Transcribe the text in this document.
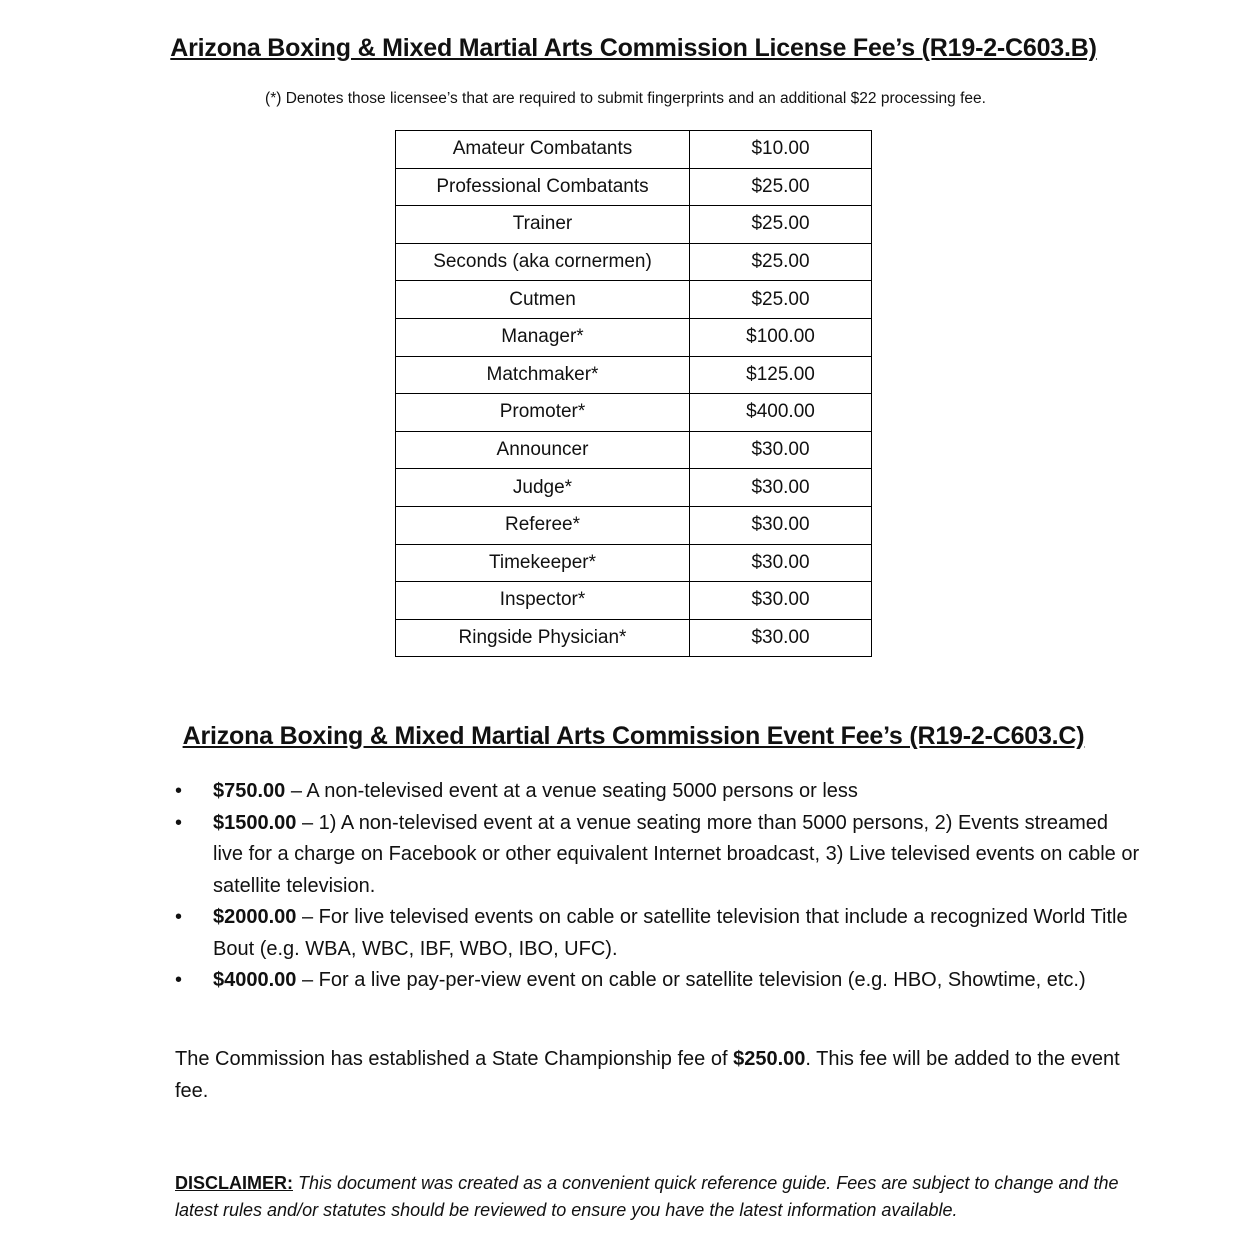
Arizona Boxing & Mixed Martial Arts Commission License Fee’s (R19-2-C603.B)
(*) Denotes those licensee’s that are required to submit fingerprints and an additional $22 processing fee.
Amateur Combatants	$10.00
Professional Combatants	$25.00
Trainer	$25.00
Seconds (aka cornermen)	$25.00
Cutmen	$25.00
Manager*	$100.00
Matchmaker*	$125.00
Promoter*	$400.00
Announcer	$30.00
Judge*	$30.00
Referee*	$30.00
Timekeeper*	$30.00
Inspector*	$30.00
Ringside Physician*	$30.00
Arizona Boxing & Mixed Martial Arts Commission Event Fee’s (R19-2-C603.C)
• $750.00 – A non-televised event at a venue seating 5000 persons or less
• $1500.00 – 1) A non-televised event at a venue seating more than 5000 persons, 2) Events streamed live for a charge on Facebook or other equivalent Internet broadcast, 3) Live televised events on cable or satellite television.
• $2000.00 – For live televised events on cable or satellite television that include a recognized World Title Bout (e.g. WBA, WBC, IBF, WBO, IBO, UFC).
• $4000.00 – For a live pay-per-view event on cable or satellite television (e.g. HBO, Showtime, etc.)
The Commission has established a State Championship fee of $250.00. This fee will be added to the event fee.
DISCLAIMER: This document was created as a convenient quick reference guide. Fees are subject to change and the latest rules and/or statutes should be reviewed to ensure you have the latest information available.
